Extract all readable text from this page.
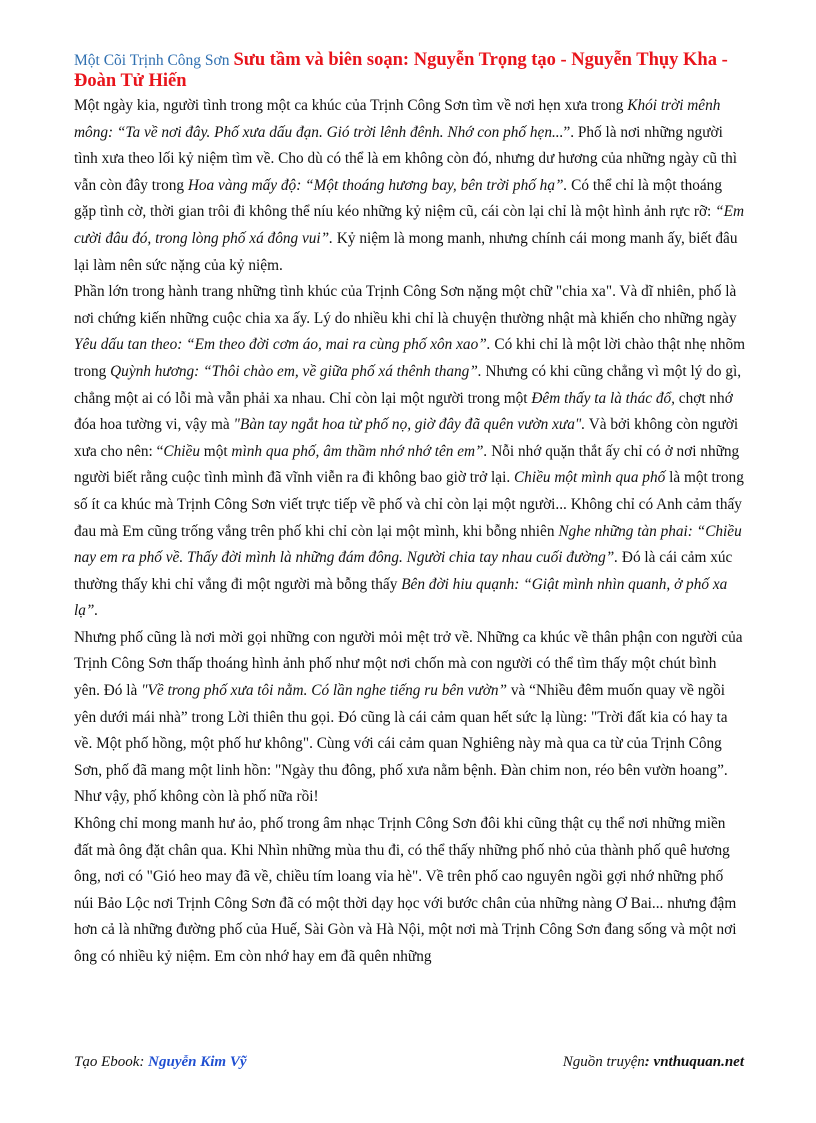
Một Cõi Trịnh Công Sơn Sưu tầm và biên soạn: Nguyễn Trọng tạo - Nguyễn Thụy Kha - Đoàn Tử Hiến

Một ngày kia, người tình trong một ca khúc của Trịnh Công Sơn tìm về nơi hẹn xưa trong Khói trời mênh mông: “Ta về nơi đây. Phố xưa dấu đạn. Gió trời lênh đênh. Nhớ con phố hẹn...”. Phố là nơi những người tình xưa theo lối kỷ niệm tìm về. Cho dù có thể là em không còn đó, nhưng dư hương của những ngày cũ thì vẫn còn đây trong Hoa vàng mấy độ: “Một thoáng hương bay, bên trời phố hạ”. Có thể chỉ là một thoáng gặp tình cờ, thời gian trôi đi không thể níu kéo những kỷ niệm cũ, cái còn lại chỉ là một hình ảnh rực rỡ: “Em cười đâu đó, trong lòng phố xá đông vui”. Kỷ niệm là mong manh, nhưng chính cái mong manh ấy, biết đâu lại làm nên sức nặng của kỷ niệm.

Phần lớn trong hành trang những tình khúc của Trịnh Công Sơn nặng một chữ "chia xa". Và dĩ nhiên, phố là nơi chứng kiến những cuộc chia xa ấy. Lý do nhiều khi chỉ là chuyện thường nhật mà khiến cho những ngày Yêu dấu tan theo: “Em theo đời cơm áo, mai ra cùng phố xôn xao”. Có khi chỉ là một lời chào thật nhẹ nhõm trong Quỳnh hương: “Thôi chào em, về giữa phố xá thênh thang”. Nhưng có khi cũng chẳng vì một lý do gì, chẳng một ai có lỗi mà vẫn phải xa nhau. Chỉ còn lại một người trong một Đêm thấy ta là thác đổ, chợt nhớ đóa hoa tường vi, vậy mà "Bàn tay ngắt hoa từ phố nọ, giờ đây đã quên vườn xưa". Và bởi không còn người xưa cho nên: “Chiều một mình qua phố, âm thầm nhớ nhớ tên em”. Nỗi nhớ quặn thắt ấy chỉ có ở nơi những người biết rằng cuộc tình mình đã vĩnh viễn ra đi không bao giờ trở lại. Chiều một mình qua phố là một trong số ít ca khúc mà Trịnh Công Sơn viết trực tiếp về phố và chỉ còn lại một người... Không chỉ có Anh cảm thấy đau mà Em cũng trống vắng trên phố khi chỉ còn lại một mình, khi bỗng nhiên Nghe những tàn phai: “Chiều nay em ra phố về. Thấy đời mình là những đám đông. Người chia tay nhau cuối đường”. Đó là cái cảm xúc thường thấy khi chỉ vắng đi một người mà bỗng thấy Bên đời hiu quạnh: “Giật mình nhìn quanh, ở phố xa lạ”.

Nhưng phố cũng là nơi mời gọi những con người mỏi mệt trở về. Những ca khúc về thân phận con người của Trịnh Công Sơn thấp thoáng hình ảnh phố như một nơi chốn mà con người có thể tìm thấy một chút bình yên. Đó là "Về trong phố xưa tôi nằm. Có lần nghe tiếng ru bên vườn” và “Nhiều đêm muốn quay về ngồi yên dưới mái nhà” trong Lời thiên thu gọi. Đó cũng là cái cảm quan hết sức lạ lùng: "Trời đất kia có hay ta về. Một phố hồng, một phố hư không". Cùng với cái cảm quan Nghiêng này mà qua ca từ của Trịnh Công Sơn, phố đã mang một linh hồn: "Ngày thu đông, phố xưa nằm bệnh. Đàn chim non, réo bên vườn hoang”. Như vậy, phố không còn là phố nữa rồi!

Không chỉ mong manh hư ảo, phố trong âm nhạc Trịnh Công Sơn đôi khi cũng thật cụ thể nơi những miền đất mà ông đặt chân qua. Khi Nhìn những mùa thu đi, có thể thấy những phố nhỏ của thành phố quê hương ông, nơi có "Gió heo may đã về, chiều tím loang vỉa hè". Về trên phố cao nguyên ngồi gợi nhớ những phố núi Bảo Lộc nơi Trịnh Công Sơn đã có một thời dạy học với bước chân của những nàng Ơ Bai... nhưng đậm hơn cả là những đường phố của Huế, Sài Gòn và Hà Nội, một nơi mà Trịnh Công Sơn đang sống và một nơi ông có nhiều kỷ niệm. Em còn nhớ hay em đã quên những

Tạo Ebook: Nguyễn Kim Vỹ	Nguồn truyện: vnthuquan.net
